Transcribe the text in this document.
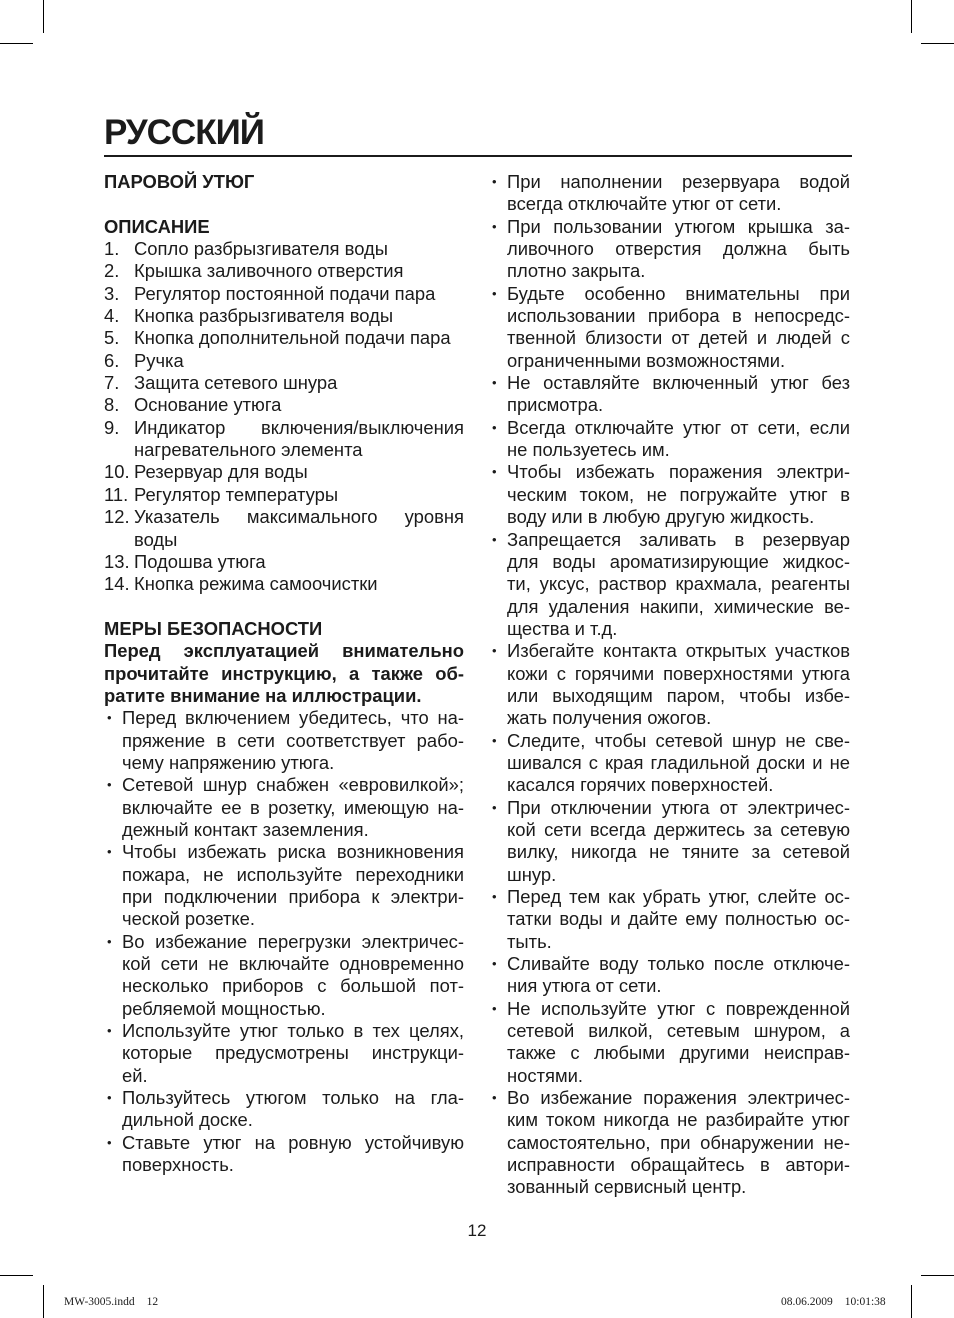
РУССКИЙ
ПАРОВОЙ УТЮГ
ОПИСАНИЕ
1. Сопло разбрызгивателя воды
2. Крышка заливочного отверстия
3. Регулятор постоянной подачи пара
4. Кнопка разбрызгивателя воды
5. Кнопка дополнительной подачи пара
6. Ручка
7. Защита сетевого шнура
8. Основание утюга
9. Индикатор включения/выключения
нагревательного элемента
10. Резервуар для воды
11. Регулятор температуры
12. Указатель максимального уровня
воды
13. Подошва утюга
14. Кнопка режима самоочистки
МЕРЫ БЕЗОПАСНОСТИ
Перед эксплуатацией внимательно
прочитайте инструкцию, а также об-
ратите внимание на иллюстрации.
• Перед включением убедитесь, что на-
пряжение в сети соответствует рабо-
чему напряжению утюга.
• Сетевой шнур снабжен «евровилкой»;
включайте ее в розетку, имеющую на-
дежный контакт заземления.
• Чтобы избежать риска возникновения
пожара, не используйте переходники
при подключении прибора к электри-
ческой розетке.
• Во избежание перегрузки электричес-
кой сети не включайте одновременно
несколько приборов с большой пот-
ребляемой мощностью.
• Используйте утюг только в тех целях,
которые предусмотрены инструкци-
ей.
• Пользуйтесь утюгом только на гла-
дильной доске.
• Ставьте утюг на ровную устойчивую
поверхность.
• При наполнении резервуара водой
всегда отключайте утюг от сети.
• При пользовании утюгом крышка за-
ливочного отверстия должна быть
плотно закрыта.
• Будьте особенно внимательны при
использовании прибора в непосредс-
твенной близости от детей и людей с
ограниченными возможностями.
• Не оставляйте включенный утюг без
присмотра.
• Всегда отключайте утюг от сети, если
не пользуетесь им.
• Чтобы избежать поражения электри-
ческим током, не погружайте утюг в
воду или в любую другую жидкость.
• Запрещается заливать в резервуар
для воды ароматизирующие жидкос-
ти, уксус, раствор крахмала, реагенты
для удаления накипи, химические ве-
щества и т.д.
• Избегайте контакта открытых участков
кожи с горячими поверхностями утюга
или выходящим паром, чтобы избе-
жать получения ожогов.
• Следите, чтобы сетевой шнур не све-
шивался с края гладильной доски и не
касался горячих поверхностей.
• При отключении утюга от электричес-
кой сети всегда держитесь за сетевую
вилку, никогда не тяните за сетевой
шнур.
• Перед тем как убрать утюг, слейте ос-
татки воды и дайте ему полностью ос-
тыть.
• Сливайте воду только после отключе-
ния утюга от сети.
• Не используйте утюг с поврежденной
сетевой вилкой, сетевым шнуром, а
также с любыми другими неисправ-
ностями.
• Во избежание поражения электричес-
ким током никогда не разбирайте утюг
самостоятельно, при обнаружении не-
исправности обращайтесь в автори-
зованный сервисный центр.
12
MW-3005.indd 12	08.06.2009 10:01:38
